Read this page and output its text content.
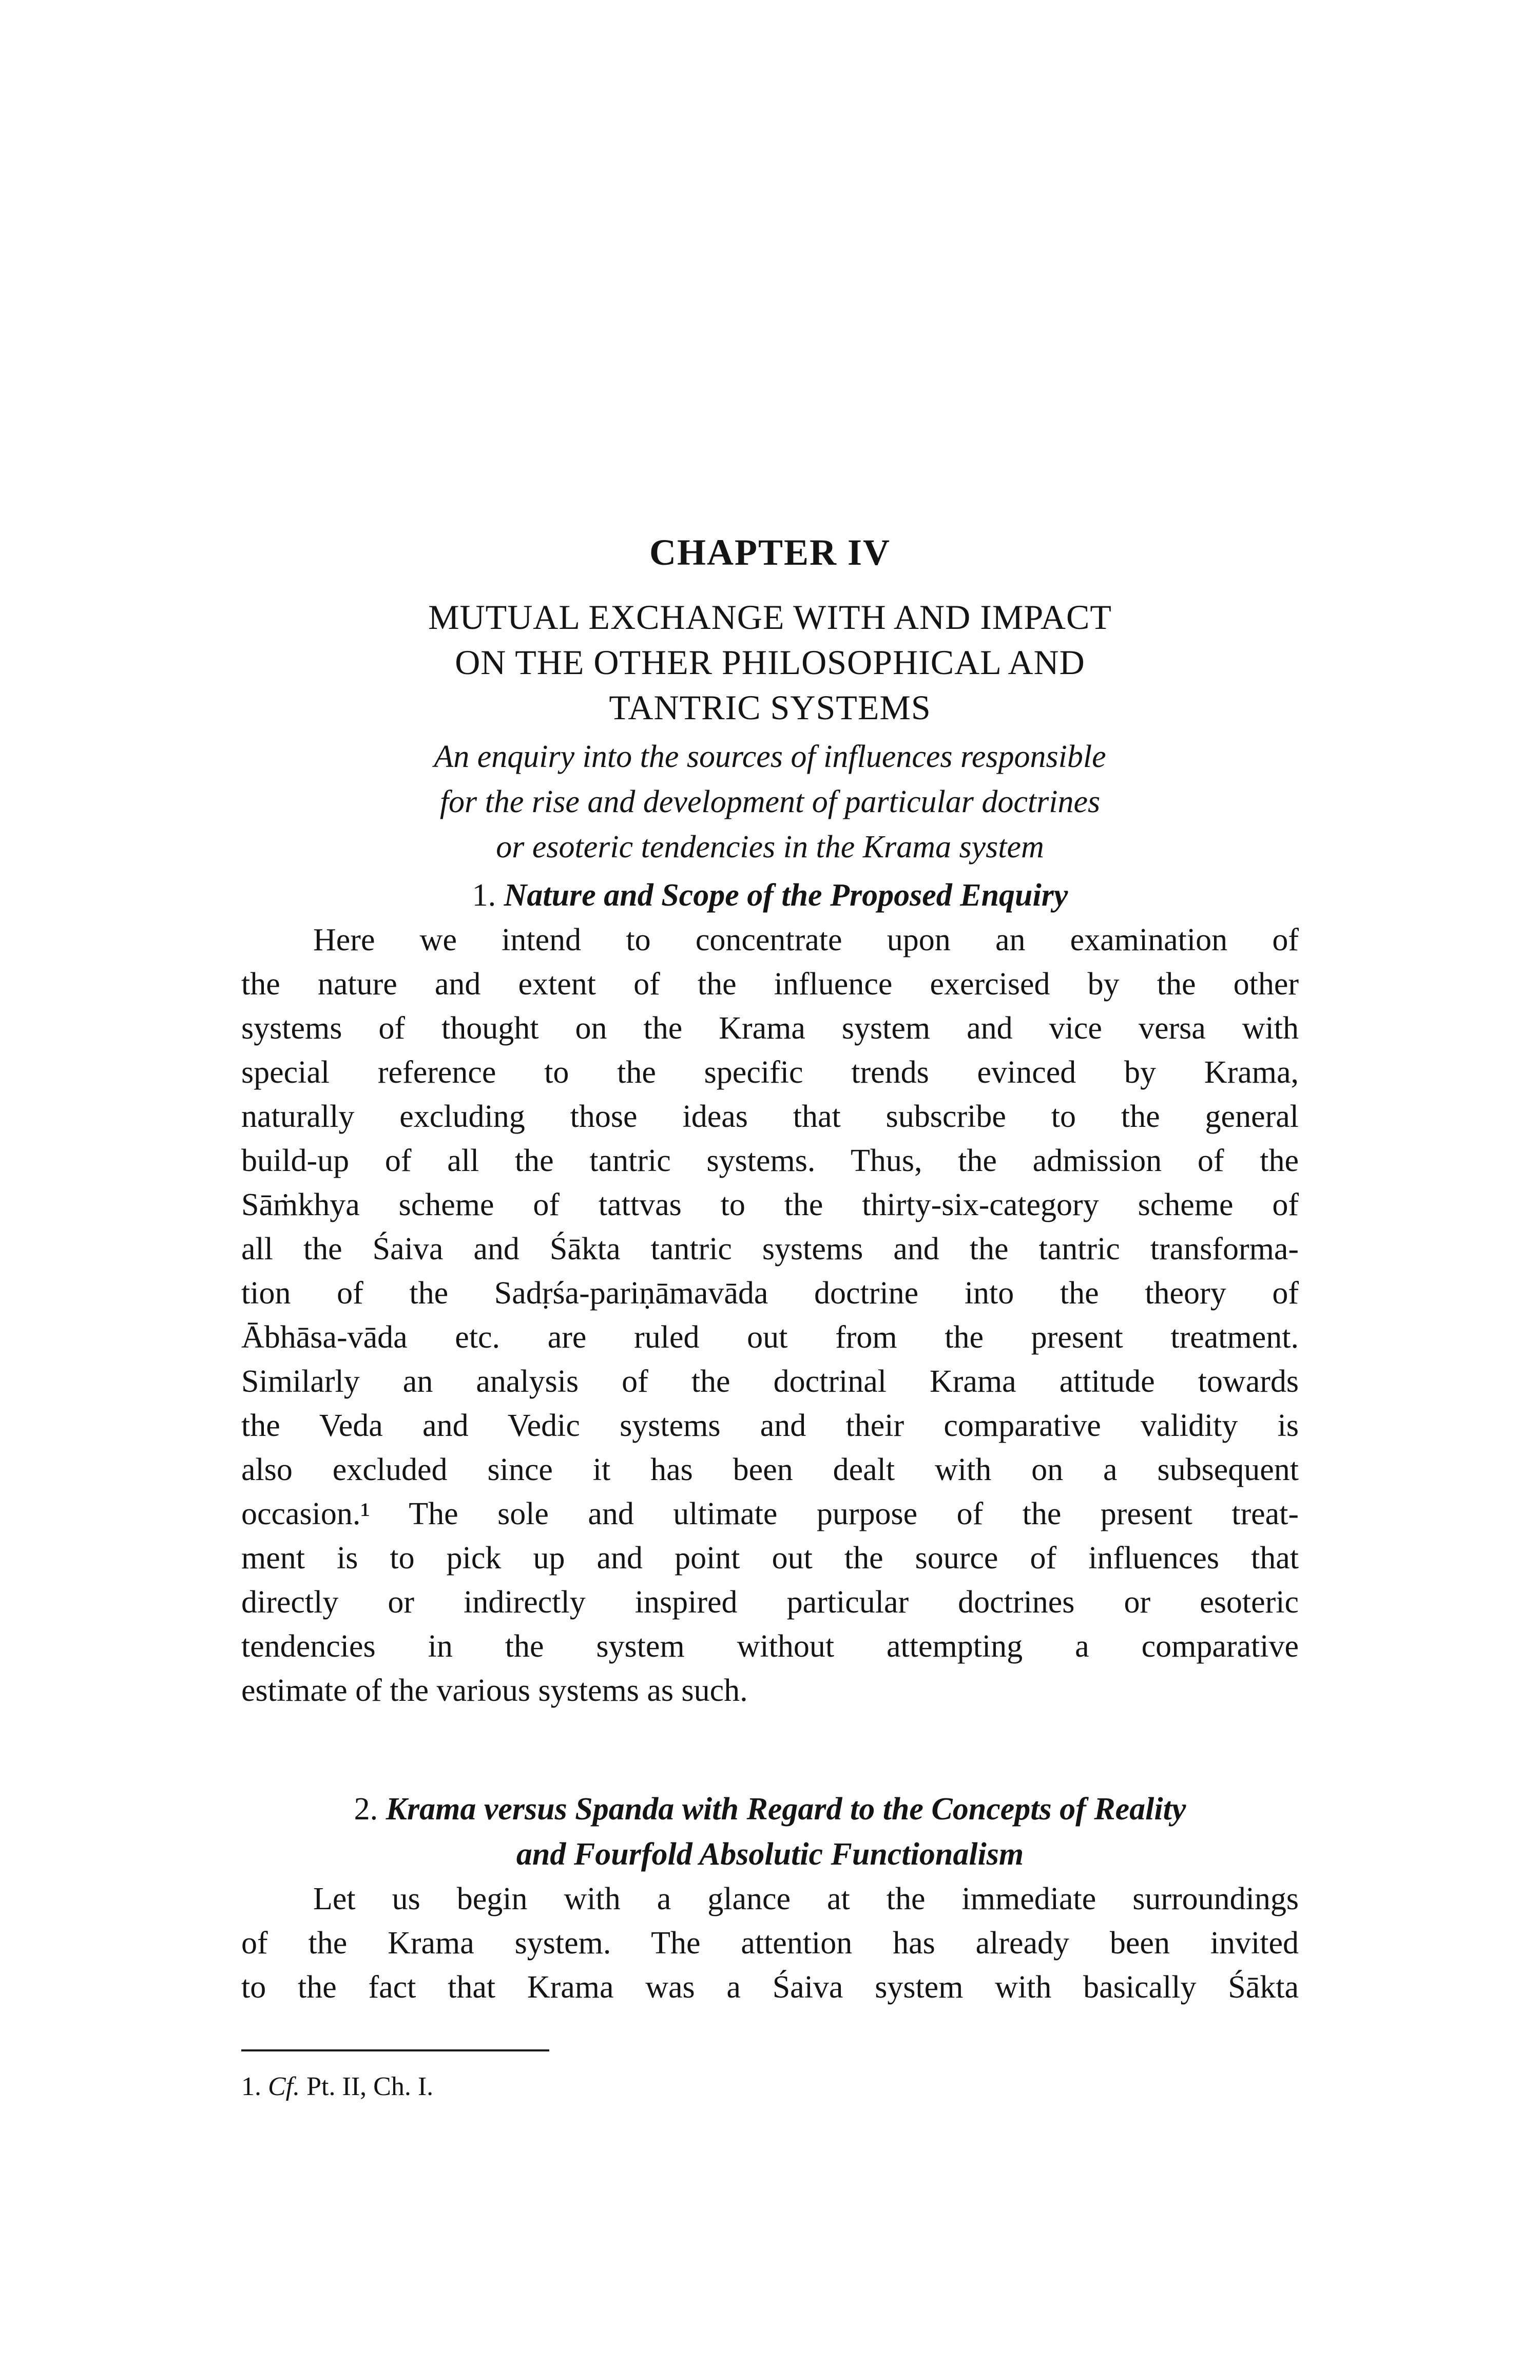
CHAPTER IV
MUTUAL EXCHANGE WITH AND IMPACT
ON THE OTHER PHILOSOPHICAL AND
TANTRIC SYSTEMS

An enquiry into the sources of influences responsible
for the rise and development of particular doctrines
or esoteric tendencies in the Krama system

1. Nature and Scope of the Proposed Enquiry
Here we intend to concentrate upon an examination of
the nature and extent of the influence exercised by the other
systems of thought on the Krama system and vice versa with
special reference to the specific trends evinced by Krama,
naturally excluding those ideas that subscribe to the general
build-up of all the tantric systems. Thus, the admission of the
Sāṁkhya scheme of tattvas to the thirty-six-category scheme of
all the Śaiva and Śākta tantric systems and the tantric transforma-
tion of the Sadṛśa-pariṇāmavāda doctrine into the theory of
Ābhāsa-vāda etc. are ruled out from the present treatment.
Similarly an analysis of the doctrinal Krama attitude towards
the Veda and Vedic systems and their comparative validity is
also excluded since it has been dealt with on a subsequent
occasion.¹ The sole and ultimate purpose of the present treat-
ment is to pick up and point out the source of influences that
directly or indirectly inspired particular doctrines or esoteric
tendencies in the system without attempting a comparative
estimate of the various systems as such.
2. Krama versus Spanda with Regard to the Concepts of Reality
and Fourfold Absolutic Functionalism
Let us begin with a glance at the immediate surroundings
of the Krama system. The attention has already been invited
to the fact that Krama was a Śaiva system with basically Śākta

1. Cf. Pt. II, Ch. I.
